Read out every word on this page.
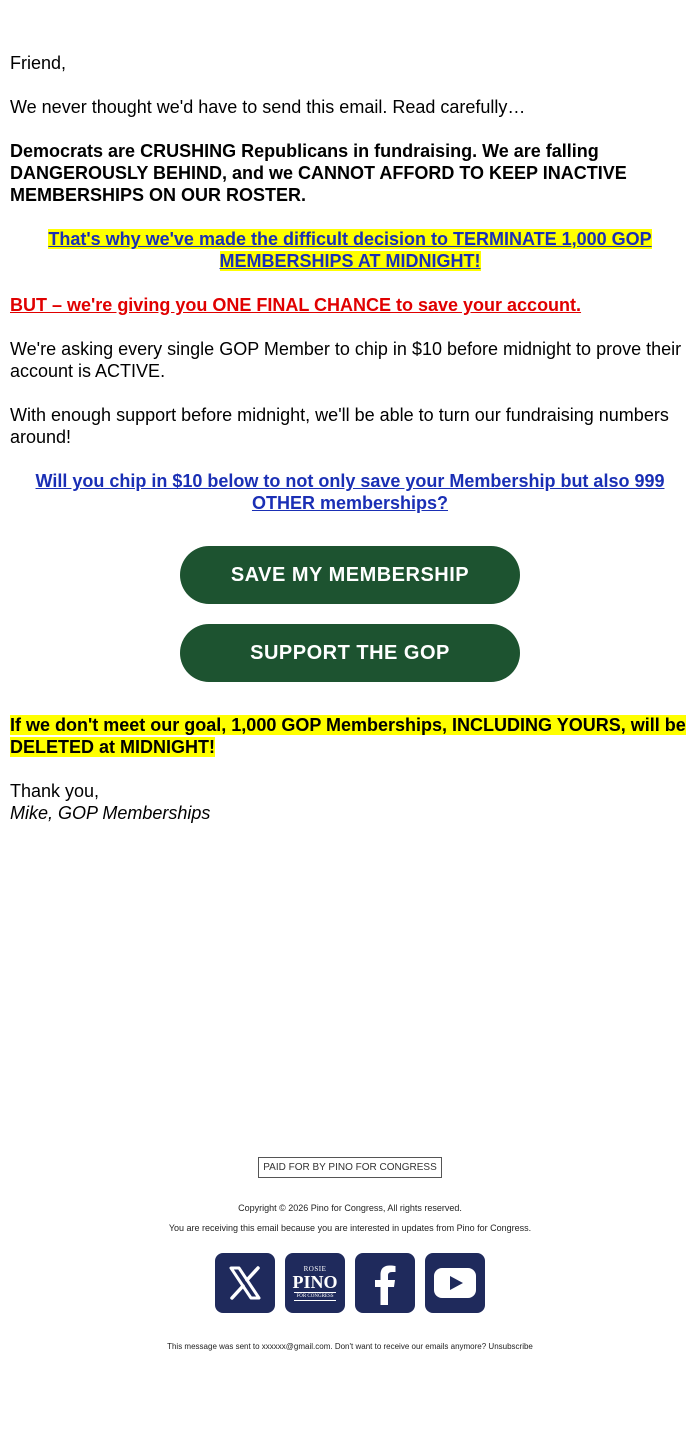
Friend,

We never thought we'd have to send this email. Read carefully…

Democrats are CRUSHING Republicans in fundraising. We are falling DANGEROUSLY BEHIND, and we CANNOT AFFORD TO KEEP INACTIVE MEMBERSHIPS ON OUR ROSTER.

That's why we've made the difficult decision to TERMINATE 1,000 GOP MEMBERSHIPS AT MIDNIGHT!

BUT – we're giving you ONE FINAL CHANCE to save your account.

We're asking every single GOP Member to chip in $10 before midnight to prove their account is ACTIVE.

With enough support before midnight, we'll be able to turn our fundraising numbers around!

Will you chip in $10 below to not only save your Membership but also 999 OTHER memberships?

SAVE MY MEMBERSHIP
SUPPORT THE GOP

If we don't meet our goal, 1,000 GOP Memberships, INCLUDING YOURS, will be DELETED at MIDNIGHT!

Thank you,

Mike, GOP Memberships

PAID FOR BY PINO FOR CONGRESS

Copyright © 2026 Pino for Congress, All rights reserved.

You are receiving this email because you are interested in updates from Pino for Congress.

ROSIE
PINO
FOR CONGRESS

This message was sent to xxxxxx@gmail.com. Don't want to receive our emails anymore? Unsubscribe
